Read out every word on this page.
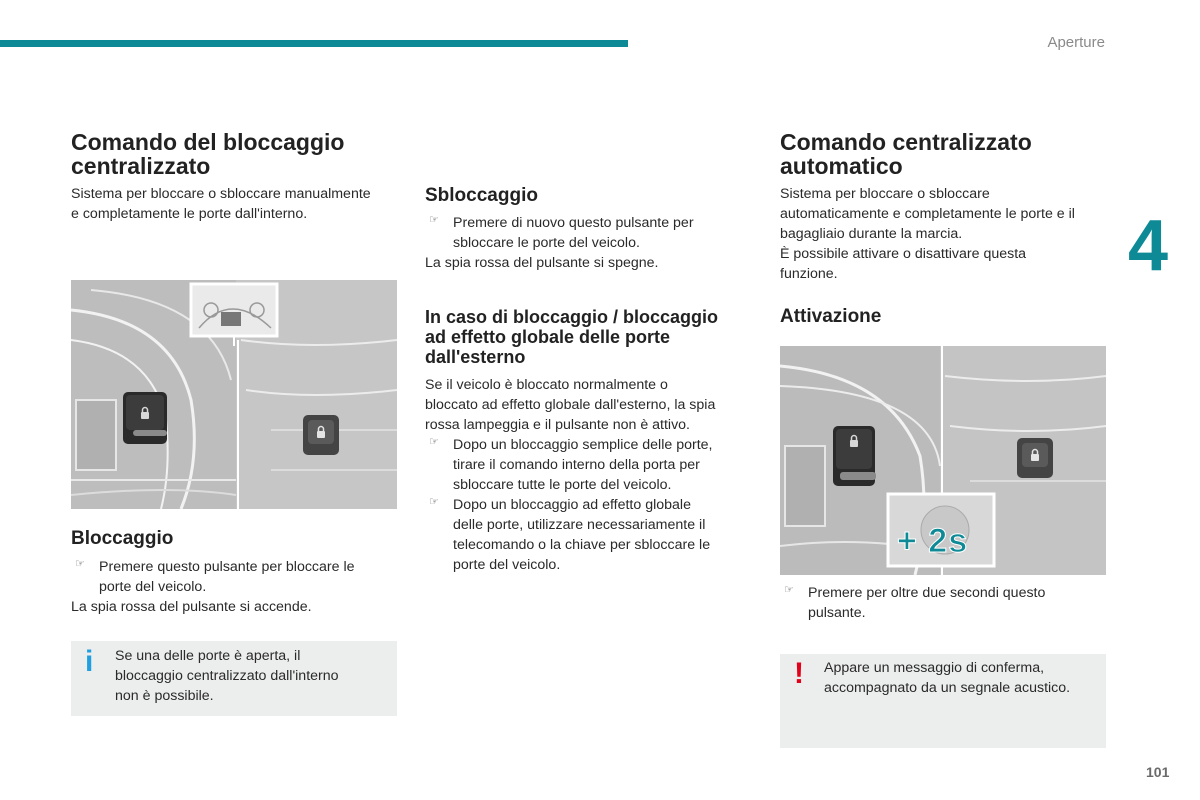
Aperture
4
101
Comando del bloccaggio
centralizzato

Sistema per bloccare o sbloccare manualmente

e completamente le porte dall'interno.

Bloccaggio
☞ Premere questo pulsante per bloccare le

porte del veicolo.

La spia rossa del pulsante si accende.

i Se una delle porte è aperta, il

bloccaggio centralizzato dall'interno

non è possibile.

Sbloccaggio
☞ Premere di nuovo questo pulsante per

sbloccare le porte del veicolo.

La spia rossa del pulsante si spegne.

In caso di bloccaggio / bloccaggio
ad effetto globale delle porte
dall'esterno

Se il veicolo è bloccato normalmente o

bloccato ad effetto globale dall'esterno, la spia

rossa lampeggia e il pulsante non è attivo.

☞ Dopo un bloccaggio semplice delle porte,

tirare il comando interno della porta per

sbloccare tutte le porte del veicolo.

☞ Dopo un bloccaggio ad effetto globale

delle porte, utilizzare necessariamente il

telecomando o la chiave per sbloccare le

porte del veicolo.

Comando centralizzato
automatico

Sistema per bloccare o sbloccare

automaticamente e completamente le porte e il

bagagliaio durante la marcia.

È possibile attivare o disattivare questa

funzione.

Attivazione
+ 2s
☞ Premere per oltre due secondi questo

pulsante.

! Appare un messaggio di conferma,

accompagnato da un segnale acustico.
